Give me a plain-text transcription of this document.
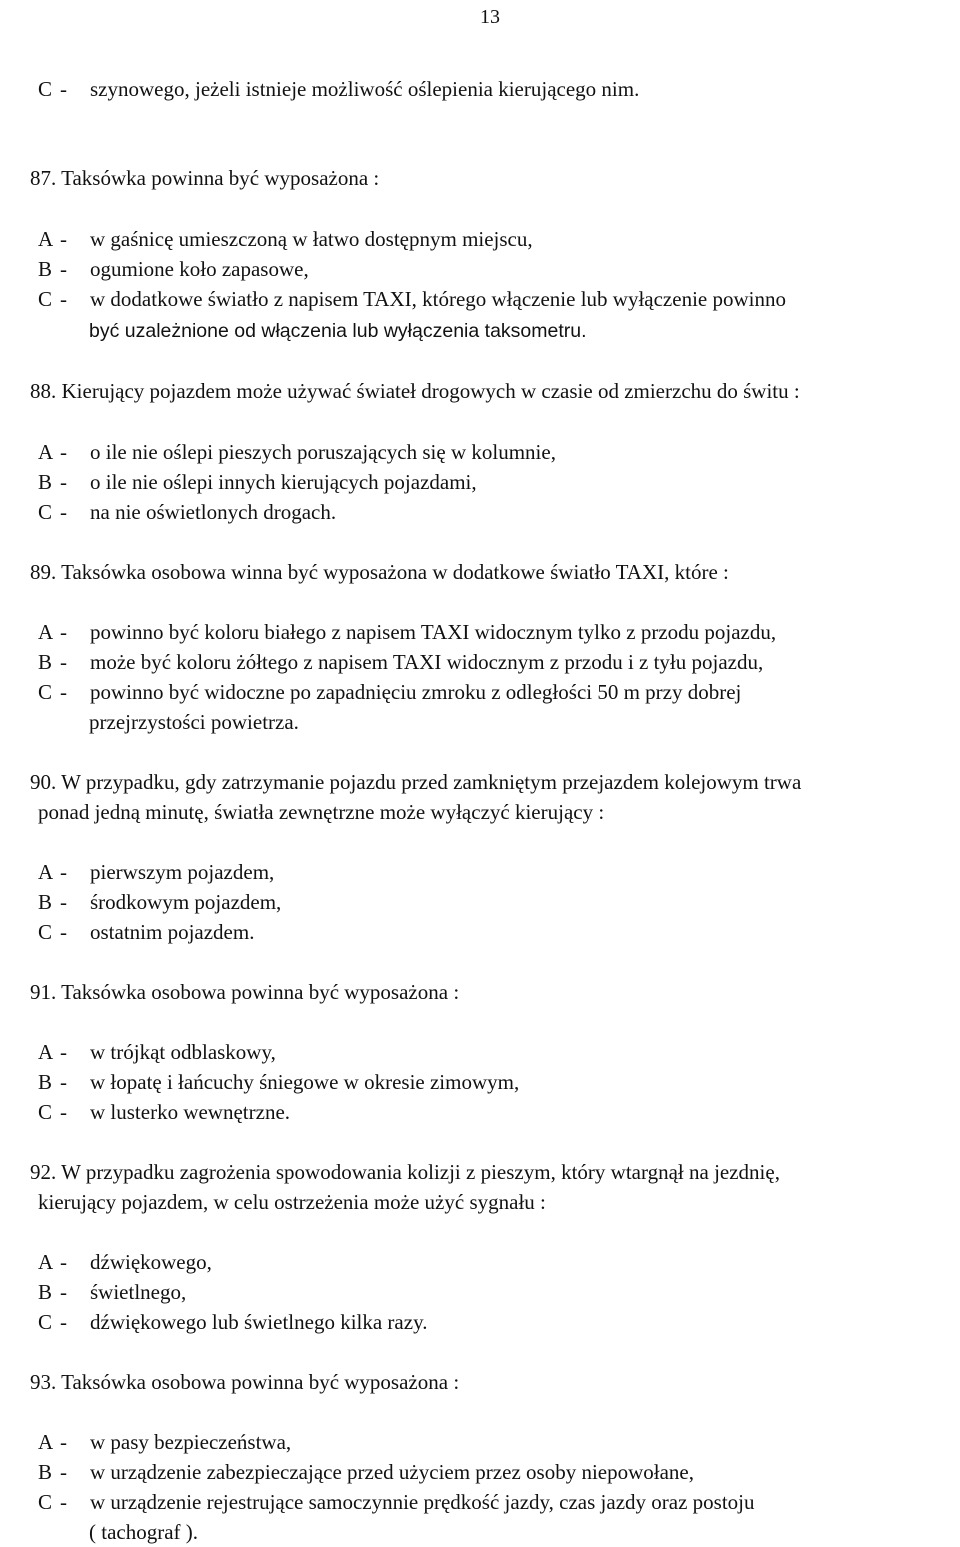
13
C - szynowego, jeżeli istnieje możliwość oślepienia kierującego nim.
87. Taksówka powinna być wyposażona :
A - w gaśnicę umieszczoną w łatwo dostępnym miejscu,
B - ogumione koło zapasowe,
C - w dodatkowe światło z napisem TAXI, którego włączenie lub wyłączenie powinno
być uzależnione od włączenia lub wyłączenia taksometru.
88. Kierujący pojazdem może używać świateł drogowych w czasie od zmierzchu do świtu :
A - o ile nie oślepi pieszych poruszających się w kolumnie,
B - o ile nie oślepi innych kierujących pojazdami,
C - na nie oświetlonych drogach.
89. Taksówka osobowa winna być wyposażona w dodatkowe światło TAXI, które :
A - powinno być koloru białego z napisem TAXI widocznym tylko z przodu pojazdu,
B - może być koloru żółtego z napisem TAXI widocznym z przodu i z tyłu pojazdu,
C - powinno być widoczne po zapadnięciu zmroku z odległości 50 m przy dobrej
przejrzystości powietrza.
90. W przypadku, gdy zatrzymanie pojazdu przed zamkniętym przejazdem kolejowym trwa
ponad jedną minutę, światła zewnętrzne może wyłączyć kierujący :
A - pierwszym pojazdem,
B - środkowym pojazdem,
C - ostatnim pojazdem.
91. Taksówka osobowa powinna być wyposażona :
A - w trójkąt odblaskowy,
B - w łopatę i łańcuchy śniegowe w okresie zimowym,
C - w lusterko wewnętrzne.
92. W przypadku zagrożenia spowodowania kolizji z pieszym, który wtargnął na jezdnię,
kierujący pojazdem, w celu ostrzeżenia może użyć sygnału :
A - dźwiękowego,
B - świetlnego,
C - dźwiękowego lub świetlnego kilka razy.
93. Taksówka osobowa powinna być wyposażona :
A - w pasy bezpieczeństwa,
B - w urządzenie zabezpieczające przed użyciem przez osoby niepowołane,
C - w urządzenie rejestrujące samoczynnie prędkość jazdy, czas jazdy oraz postoju
( tachograf ).
